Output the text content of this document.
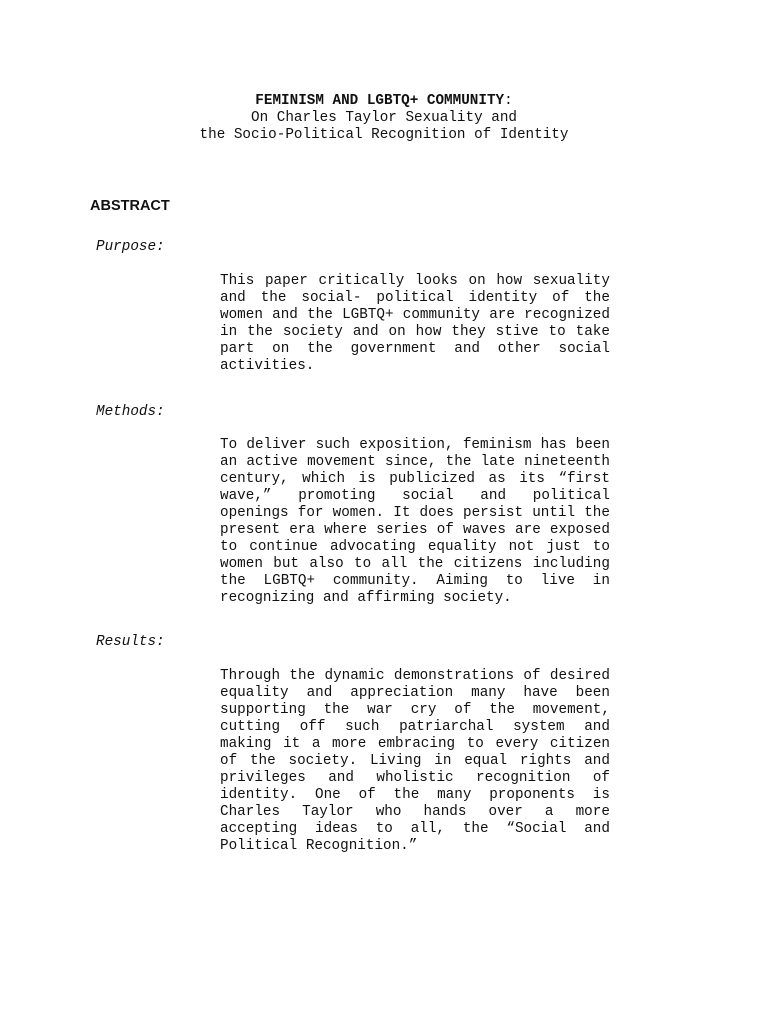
FEMINISM AND LGBTQ+ COMMUNITY:
On Charles Taylor Sexuality and
the Socio-Political Recognition of Identity
ABSTRACT
Purpose:
This paper critically looks on how sexuality
and the social- political identity of the
women and the LGBTQ+ community are recognized
in the society and on how they stive to take
part on the government and other social
activities.
Methods:
To deliver such exposition, feminism has been
an active movement since, the late nineteenth
century, which is publicized as its “first
wave,” promoting social and political
openings for women. It does persist until the
present era where series of waves are exposed
to continue advocating equality not just to
women but also to all the citizens including
the LGBTQ+ community. Aiming to live in
recognizing and affirming society.
Results:
Through the dynamic demonstrations of desired
equality and appreciation many have been
supporting the war cry of the movement,
cutting off such patriarchal system and
making it a more embracing to every citizen
of the society. Living in equal rights and
privileges and wholistic recognition of
identity. One of the many proponents is
Charles Taylor who hands over a more
accepting ideas to all, the “Social and
Political Recognition.”
